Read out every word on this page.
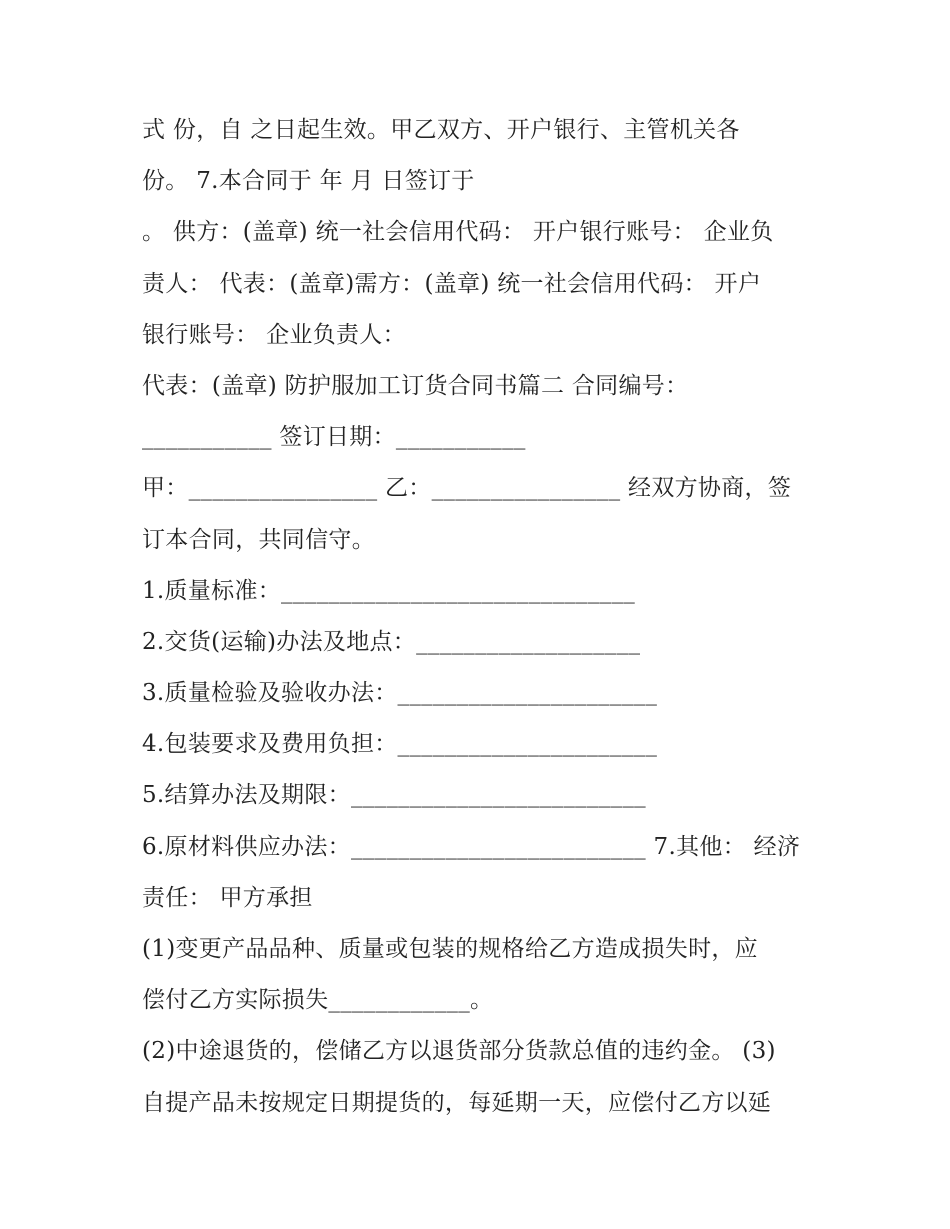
式 份，自 之日起生效。甲乙双方、开户银行、主管机关各
份。 7.本合同于 年 月 日签订于
。 供方：(盖章) 统一社会信用代码： 开户银行账号： 企业负
责人： 代表：(盖章)需方：(盖章) 统一社会信用代码： 开户
银行账号： 企业负责人：
代表：(盖章) 防护服加工订货合同书篇二 合同编号：
___________ 签订日期：___________
甲：________________ 乙：________________ 经双方协商，签
订本合同，共同信守。
1.质量标准：______________________________
2.交货(运输)办法及地点：___________________
3.质量检验及验收办法：______________________
4.包装要求及费用负担：______________________
5.结算办法及期限：_________________________
6.原材料供应办法：_________________________ 7.其他： 经济
责任： 甲方承担
(1)变更产品品种、质量或包装的规格给乙方造成损失时，应
偿付乙方实际损失____________。
(2)中途退货的，偿储乙方以退货部分货款总值的违约金。 (3)
自提产品未按规定日期提货的，每延期一天，应偿付乙方以延
